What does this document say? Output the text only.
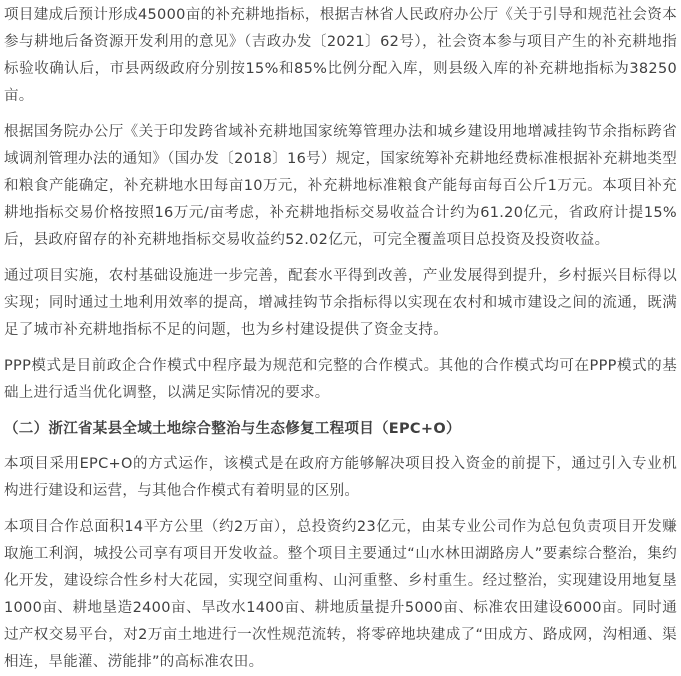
项目建成后预计形成45000亩的补充耕地指标，根据吉林省人民政府办公厅《关于引导和规范社会资本参与耕地后备资源开发利用的意见》（吉政办发〔2021〕62号），社会资本参与项目产生的补充耕地指标验收确认后，市县两级政府分别按15%和85%比例分配入库，则县级入库的补充耕地指标为38250亩。

根据国务院办公厅《关于印发跨省域补充耕地国家统筹管理办法和城乡建设用地增减挂钩节余指标跨省域调剂管理办法的通知》（国办发〔2018〕16号）规定，国家统筹补充耕地经费标准根据补充耕地类型和粮食产能确定，补充耕地水田每亩10万元，补充耕地标准粮食产能每亩每百公斤1万元。本项目补充耕地指标交易价格按照16万元/亩考虑，补充耕地指标交易收益合计约为61.20亿元，省政府计提15%后，县政府留存的补充耕地指标交易收益约52.02亿元，可完全覆盖项目总投资及投资收益。

通过项目实施，农村基础设施进一步完善，配套水平得到改善，产业发展得到提升，乡村振兴目标得以实现；同时通过土地利用效率的提高，增减挂钩节余指标得以实现在农村和城市建设之间的流通，既满足了城市补充耕地指标不足的问题，也为乡村建设提供了资金支持。

PPP模式是目前政企合作模式中程序最为规范和完整的合作模式。其他的合作模式均可在PPP模式的基础上进行适当优化调整，以满足实际情况的要求。

（二）浙江省某县全域土地综合整治与生态修复工程项目（EPC+O）

本项目采用EPC+O的方式运作，该模式是在政府方能够解决项目投入资金的前提下，通过引入专业机构进行建设和运营，与其他合作模式有着明显的区别。

本项目合作总面积14平方公里（约2万亩），总投资约23亿元，由某专业公司作为总包负责项目开发赚取施工利润，城投公司享有项目开发收益。整个项目主要通过“山水林田湖路房人”要素综合整治，集约化开发，建设综合性乡村大花园，实现空间重构、山河重整、乡村重生。经过整治，实现建设用地复垦1000亩、耕地垦造2400亩、旱改水1400亩、耕地质量提升5000亩、标准农田建设6000亩。同时通过产权交易平台，对2万亩土地进行一次性规范流转，将零碎地块建成了“田成方、路成网，沟相通、渠相连，旱能灌、涝能排”的高标准农田。
